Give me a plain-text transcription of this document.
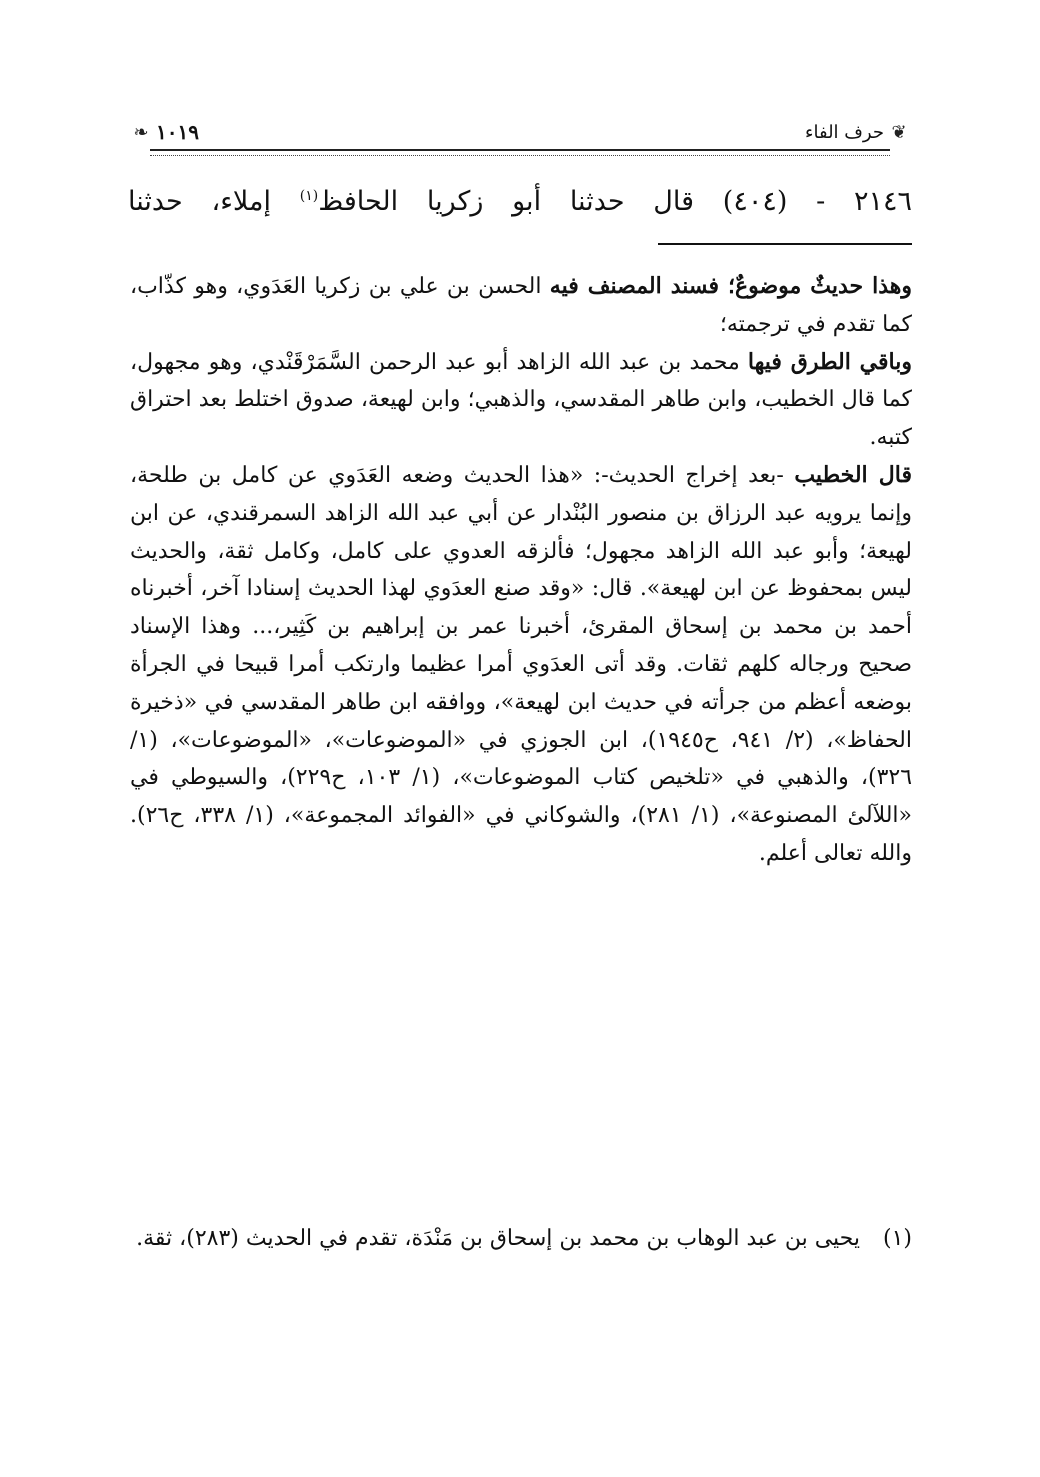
❦
حرف الفاء
١٠١٩
❧
٢١٤٦ - (٤٠٤) قال حدثنا أبو زكريا الحافظ$^{(١)}$ إملاء، حدثنا

وهذا حديثٌ موضوعٌ؛ فسند المصنف فيه الحسن بن علي بن زكريا العَدَوي، وهو كذّاب، كما تقدم في ترجمته؛

وباقي الطرق فيها محمد بن عبد الله الزاهد أبو عبد الرحمن السَّمَرْقَنْدي، وهو مجهول، كما قال الخطيب، وابن طاهر المقدسي، والذهبي؛ وابن لهيعة، صدوق اختلط بعد احتراق كتبه.

قال الخطيب -بعد إخراج الحديث-: «هذا الحديث وضعه العَدَوي عن كامل بن طلحة، وإنما يرويه عبد الرزاق بن منصور البُنْدار عن أبي عبد الله الزاهد السمرقندي، عن ابن لهيعة؛ وأبو عبد الله الزاهد مجهول؛ فألزقه العدوي على كامل، وكامل ثقة، والحديث ليس بمحفوظ عن ابن لهيعة». قال: «وقد صنع العدَوي لهذا الحديث إسنادا آخر، أخبرناه أحمد بن محمد بن إسحاق المقرئ، أخبرنا عمر بن إبراهيم بن كَثِير،... وهذا الإسناد صحيح ورجاله كلهم ثقات. وقد أتى العدَوي أمرا عظيما وارتكب أمرا قبيحا في الجرأة بوضعه أعظم من جرأته في حديث ابن لهيعة»، ووافقه ابن طاهر المقدسي في «ذخيرة الحفاظ»، (٢/ ٩٤١، ح١٩٤٥)، ابن الجوزي في «الموضوعات»، «الموضوعات»، (١/ ٣٢٦)، والذهبي في «تلخيص كتاب الموضوعات»، (١/ ١٠٣، ح٢٢٩)، والسيوطي في «اللآلئ المصنوعة»، (١/ ٢٨١)، والشوكاني في «الفوائد المجموعة»، (١/ ٣٣٨، ح٢٦). والله تعالى أعلم.

(١)
يحيى بن عبد الوهاب بن محمد بن إسحاق بن مَنْدَة، تقدم في الحديث (٢٨٣)، ثقة.
